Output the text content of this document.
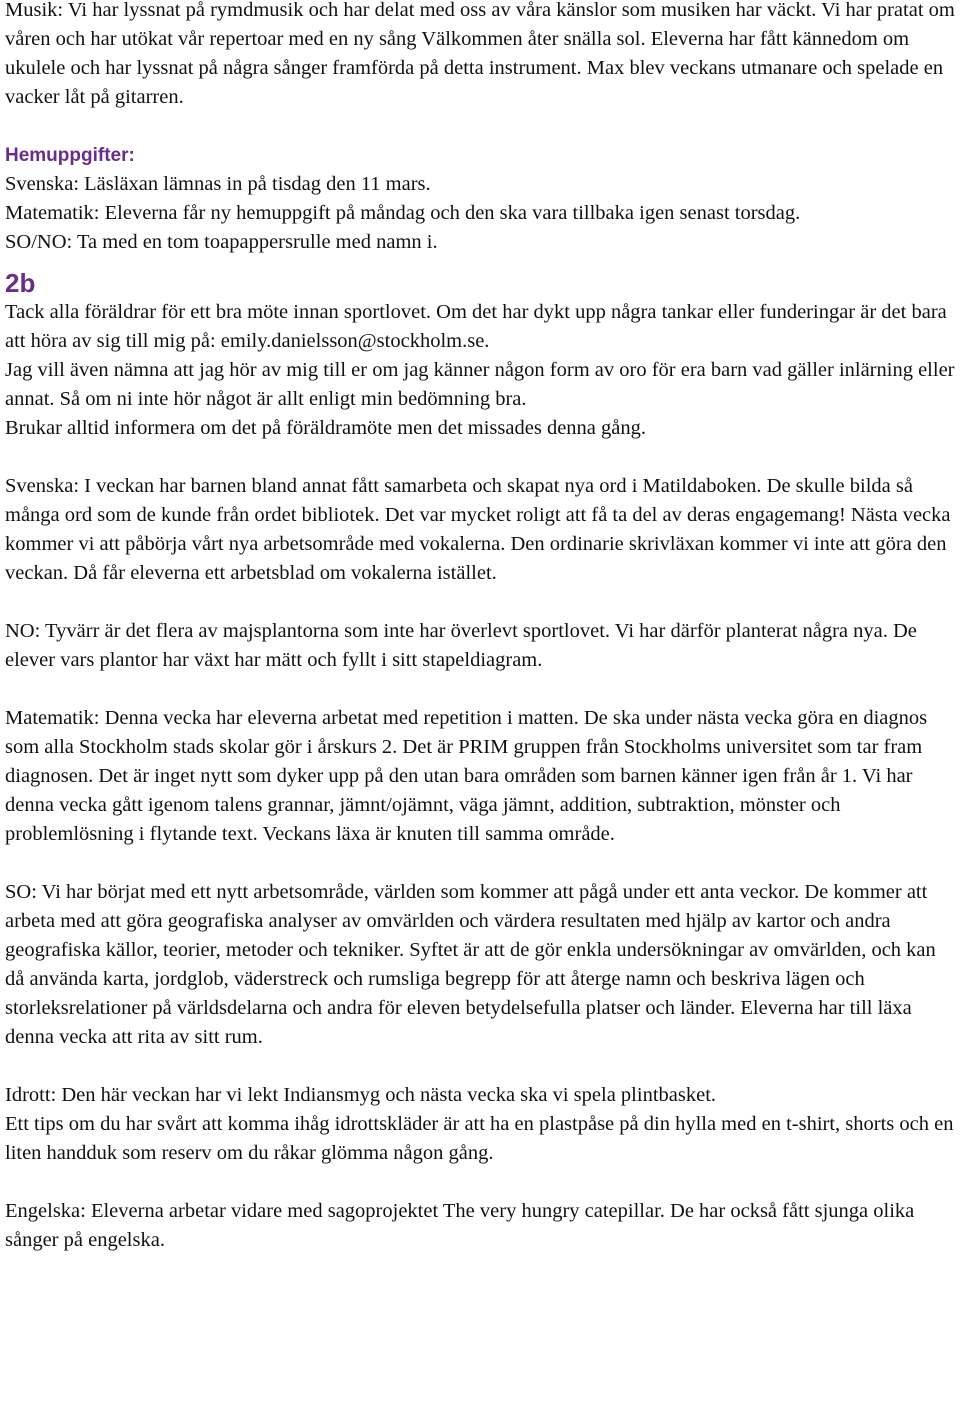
Musik: Vi har lyssnat på rymdmusik och har delat med oss av våra känslor som musiken har väckt. Vi har pratat om våren och har utökat vår repertoar med en ny sång Välkommen åter snälla sol. Eleverna har fått kännedom om ukulele och har lyssnat på några sånger framförda på detta instrument. Max blev veckans utmanare och spelade en vacker låt på gitarren.

Hemuppgifter:

Svenska: Läsläxan lämnas in på tisdag den 11 mars.

Matematik: Eleverna får ny hemuppgift på måndag och den ska vara tillbaka igen senast torsdag.

SO/NO: Ta med en tom toapappersrulle med namn i.

2b

Tack alla föräldrar för ett bra möte innan sportlovet. Om det har dykt upp några tankar eller funderingar är det bara att höra av sig till mig på: emily.danielsson@stockholm.se.

Jag vill även nämna att jag hör av mig till er om jag känner någon form av oro för era barn vad gäller inlärning eller annat. Så om ni inte hör något är allt enligt min bedömning bra.

Brukar alltid informera om det på föräldramöte men det missades denna gång.

Svenska: I veckan har barnen bland annat fått samarbeta och skapat nya ord i Matildaboken. De skulle bilda så många ord som de kunde från ordet bibliotek. Det var mycket roligt att få ta del av deras engagemang! Nästa vecka kommer vi att påbörja vårt nya arbetsområde med vokalerna. Den ordinarie skrivläxan kommer vi inte att göra den veckan. Då får eleverna ett arbetsblad om vokalerna istället.

NO: Tyvärr är det flera av majsplantorna som inte har överlevt sportlovet. Vi har därför planterat några nya. De elever vars plantor har växt har mätt och fyllt i sitt stapeldiagram.

Matematik: Denna vecka har eleverna arbetat med repetition i matten. De ska under nästa vecka göra en diagnos som alla Stockholm stads skolar gör i årskurs 2. Det är PRIM gruppen från Stockholms universitet som tar fram diagnosen. Det är inget nytt som dyker upp på den utan bara områden som barnen känner igen från år 1. Vi har denna vecka gått igenom talens grannar, jämnt/ojämnt, väga jämnt, addition, subtraktion, mönster och problemlösning i flytande text. Veckans läxa är knuten till samma område.

SO: Vi har börjat med ett nytt arbetsområde, världen som kommer att pågå under ett anta veckor. De kommer att arbeta med att göra geografiska analyser av omvärlden och värdera resultaten med hjälp av kartor och andra geografiska källor, teorier, metoder och tekniker. Syftet är att de gör enkla undersökningar av omvärlden, och kan då använda karta, jordglob, väderstreck och rumsliga begrepp för att återge namn och beskriva lägen och storleksrelationer på världsdelarna och andra för eleven betydelsefulla platser och länder. Eleverna har till läxa denna vecka att rita av sitt rum.

Idrott: Den här veckan har vi lekt Indiansmyg och nästa vecka ska vi spela plintbasket.

Ett tips om du har svårt att komma ihåg idrottskläder är att ha en plastpåse på din hylla med en t-shirt, shorts och en liten handduk som reserv om du råkar glömma någon gång.

Engelska: Eleverna arbetar vidare med sagoprojektet The very hungry catepillar. De har också fått sjunga olika sånger på engelska.
